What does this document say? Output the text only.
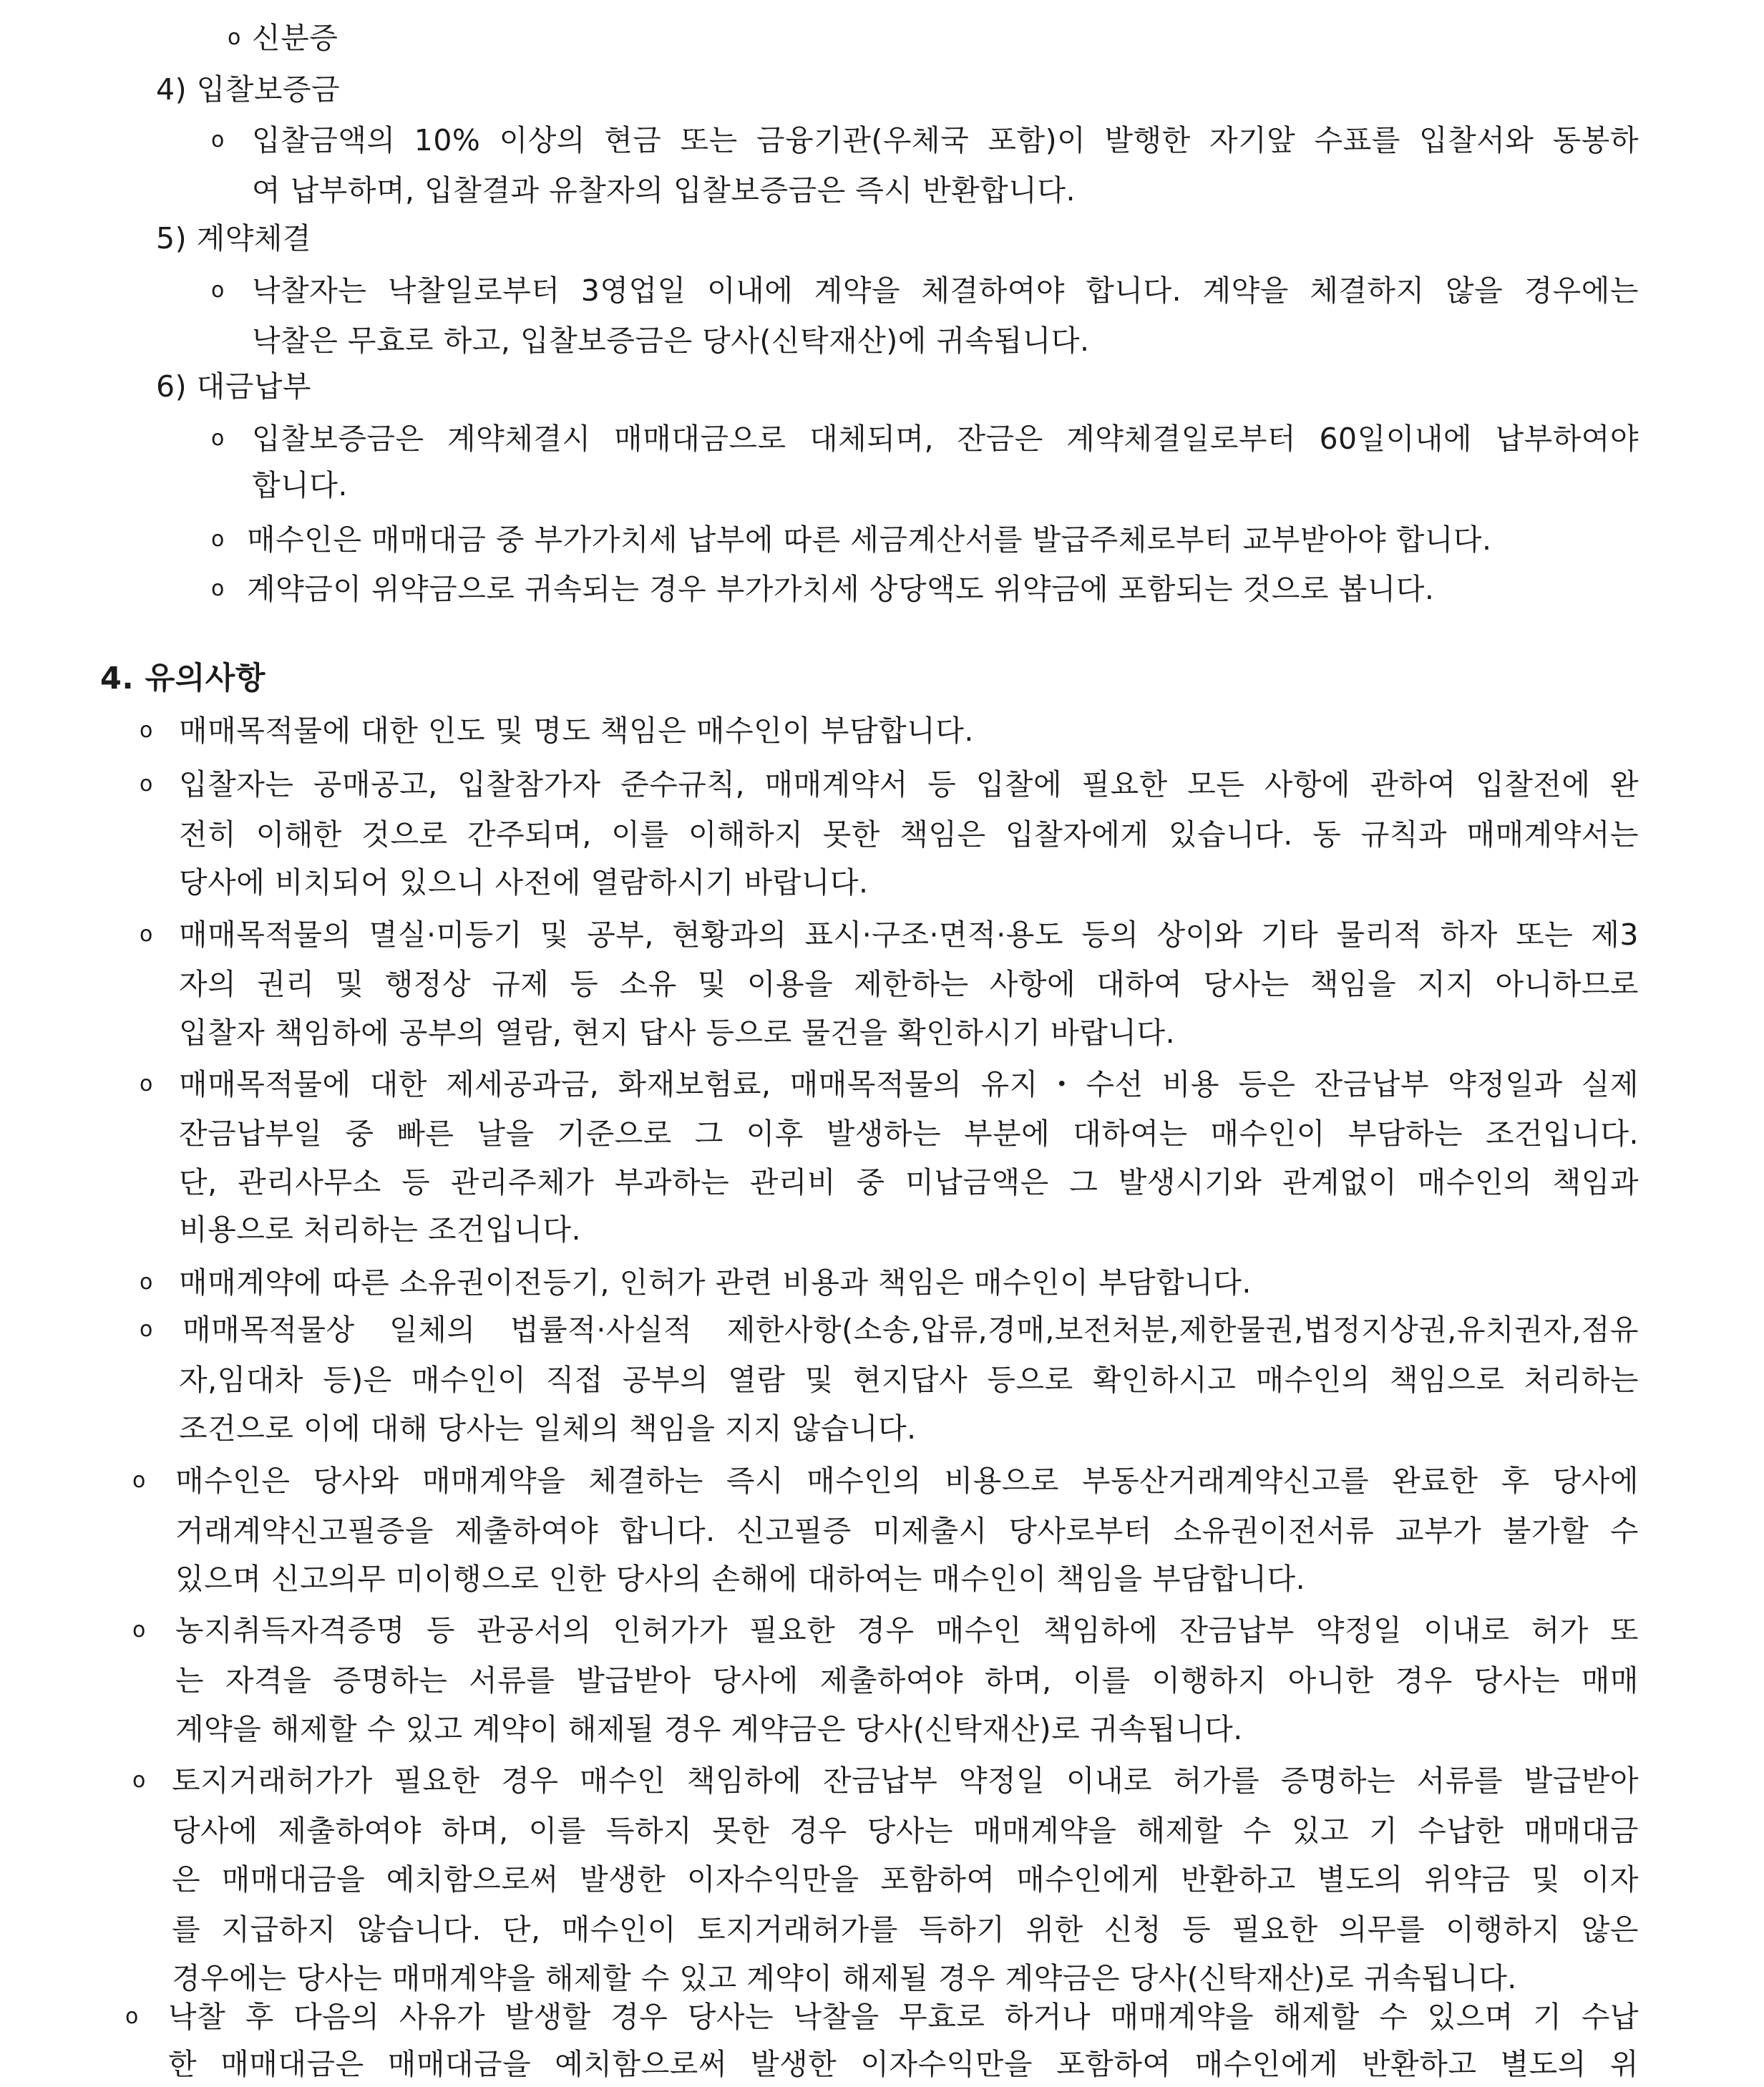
o 신분증
4) 입찰보증금
o 입찰금액의 10% 이상의 현금 또는 금융기관(우체국 포함)이 발행한 자기앞 수표를 입찰서와 동봉하
여 납부하며, 입찰결과 유찰자의 입찰보증금은 즉시 반환합니다.
5) 계약체결
o 낙찰자는 낙찰일로부터 3영업일 이내에 계약을 체결하여야 합니다. 계약을 체결하지 않을 경우에는
낙찰은 무효로 하고, 입찰보증금은 당사(신탁재산)에 귀속됩니다.
6) 대금납부
o 입찰보증금은 계약체결시 매매대금으로 대체되며, 잔금은 계약체결일로부터 60일이내에 납부하여야
합니다.
o 매수인은 매매대금 중 부가가치세 납부에 따른 세금계산서를 발급주체로부터 교부받아야 합니다.
o 계약금이 위약금으로 귀속되는 경우 부가가치세 상당액도 위약금에 포함되는 것으로 봅니다.
4. 유의사항
o 매매목적물에 대한 인도 및 명도 책임은 매수인이 부담합니다.
o 입찰자는 공매공고, 입찰참가자 준수규칙, 매매계약서 등 입찰에 필요한 모든 사항에 관하여 입찰전에 완
전히 이해한 것으로 간주되며, 이를 이해하지 못한 책임은 입찰자에게 있습니다. 동 규칙과 매매계약서는
당사에 비치되어 있으니 사전에 열람하시기 바랍니다.
o 매매목적물의 멸실·미등기 및 공부, 현황과의 표시·구조·면적·용도 등의 상이와 기타 물리적 하자 또는 제3
자의 권리 및 행정상 규제 등 소유 및 이용을 제한하는 사항에 대하여 당사는 책임을 지지 아니하므로
입찰자 책임하에 공부의 열람, 현지 답사 등으로 물건을 확인하시기 바랍니다.
o 매매목적물에 대한 제세공과금, 화재보험료, 매매목적물의 유지・수선 비용 등은 잔금납부 약정일과 실제
잔금납부일 중 빠른 날을 기준으로 그 이후 발생하는 부분에 대하여는 매수인이 부담하는 조건입니다.
단, 관리사무소 등 관리주체가 부과하는 관리비 중 미납금액은 그 발생시기와 관계없이 매수인의 책임과
비용으로 처리하는 조건입니다.
o 매매계약에 따른 소유권이전등기, 인허가 관련 비용과 책임은 매수인이 부담합니다.
o 매매목적물상 일체의 법률적·사실적 제한사항(소송,압류,경매,보전처분,제한물권,법정지상권,유치권자,점유
자,임대차 등)은 매수인이 직접 공부의 열람 및 현지답사 등으로 확인하시고 매수인의 책임으로 처리하는
조건으로 이에 대해 당사는 일체의 책임을 지지 않습니다.
o 매수인은 당사와 매매계약을 체결하는 즉시 매수인의 비용으로 부동산거래계약신고를 완료한 후 당사에
거래계약신고필증을 제출하여야 합니다. 신고필증 미제출시 당사로부터 소유권이전서류 교부가 불가할 수
있으며 신고의무 미이행으로 인한 당사의 손해에 대하여는 매수인이 책임을 부담합니다.
o 농지취득자격증명 등 관공서의 인허가가 필요한 경우 매수인 책임하에 잔금납부 약정일 이내로 허가 또
는 자격을 증명하는 서류를 발급받아 당사에 제출하여야 하며, 이를 이행하지 아니한 경우 당사는 매매
계약을 해제할 수 있고 계약이 해제될 경우 계약금은 당사(신탁재산)로 귀속됩니다.
o 토지거래허가가 필요한 경우 매수인 책임하에 잔금납부 약정일 이내로 허가를 증명하는 서류를 발급받아
당사에 제출하여야 하며, 이를 득하지 못한 경우 당사는 매매계약을 해제할 수 있고 기 수납한 매매대금
은 매매대금을 예치함으로써 발생한 이자수익만을 포함하여 매수인에게 반환하고 별도의 위약금 및 이자
를 지급하지 않습니다. 단, 매수인이 토지거래허가를 득하기 위한 신청 등 필요한 의무를 이행하지 않은
경우에는 당사는 매매계약을 해제할 수 있고 계약이 해제될 경우 계약금은 당사(신탁재산)로 귀속됩니다.
o 낙찰 후 다음의 사유가 발생할 경우 당사는 낙찰을 무효로 하거나 매매계약을 해제할 수 있으며 기 수납
한 매매대금은 매매대금을 예치함으로써 발생한 이자수익만을 포함하여 매수인에게 반환하고 별도의 위
